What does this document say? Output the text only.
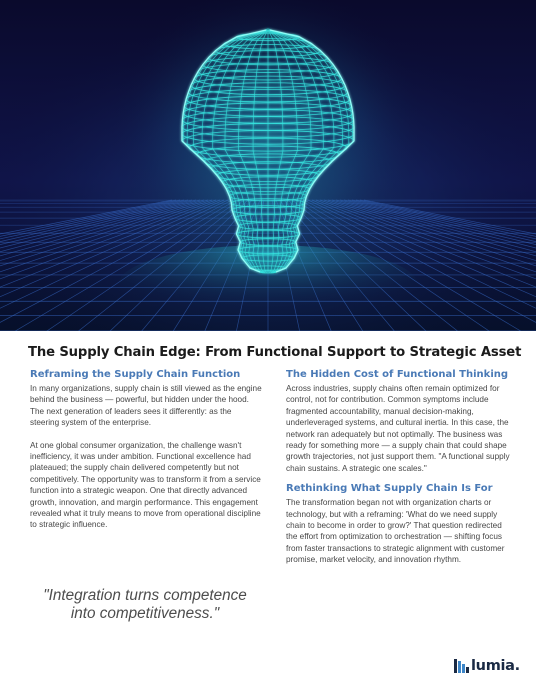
The Supply Chain Edge: From Functional Support to Strategic Asset
Reframing the Supply Chain Function

In many organizations, supply chain is still viewed as the engine behind the business — powerful, but hidden under the hood. The next generation of leaders sees it differently: as the steering system of the enterprise.

At one global consumer organization, the challenge wasn't inefficiency, it was under ambition. Functional excellence had plateaued; the supply chain delivered competently but not competitively. The opportunity was to transform it from a service function into a strategic weapon. One that directly advanced growth, innovation, and margin performance. This engagement revealed what it truly means to move from operational discipline to strategic influence.

"Integration turns competence into competitiveness."
The Hidden Cost of Functional Thinking

Across industries, supply chains often remain optimized for control, not for contribution. Common symptoms include fragmented accountability, manual decision-making, underleveraged systems, and cultural inertia. In this case, the network ran adequately but not optimally. The business was ready for something more — a supply chain that could shape growth trajectories, not just support them. "A functional supply chain sustains. A strategic one scales."

Rethinking What Supply Chain Is For

The transformation began not with organization charts or technology, but with a reframing: 'What do we need supply chain to become in order to grow?' That question redirected the effort from optimization to orchestration — shifting focus from faster transactions to strategic alignment with customer promise, market velocity, and innovation rhythm.

lumia.
